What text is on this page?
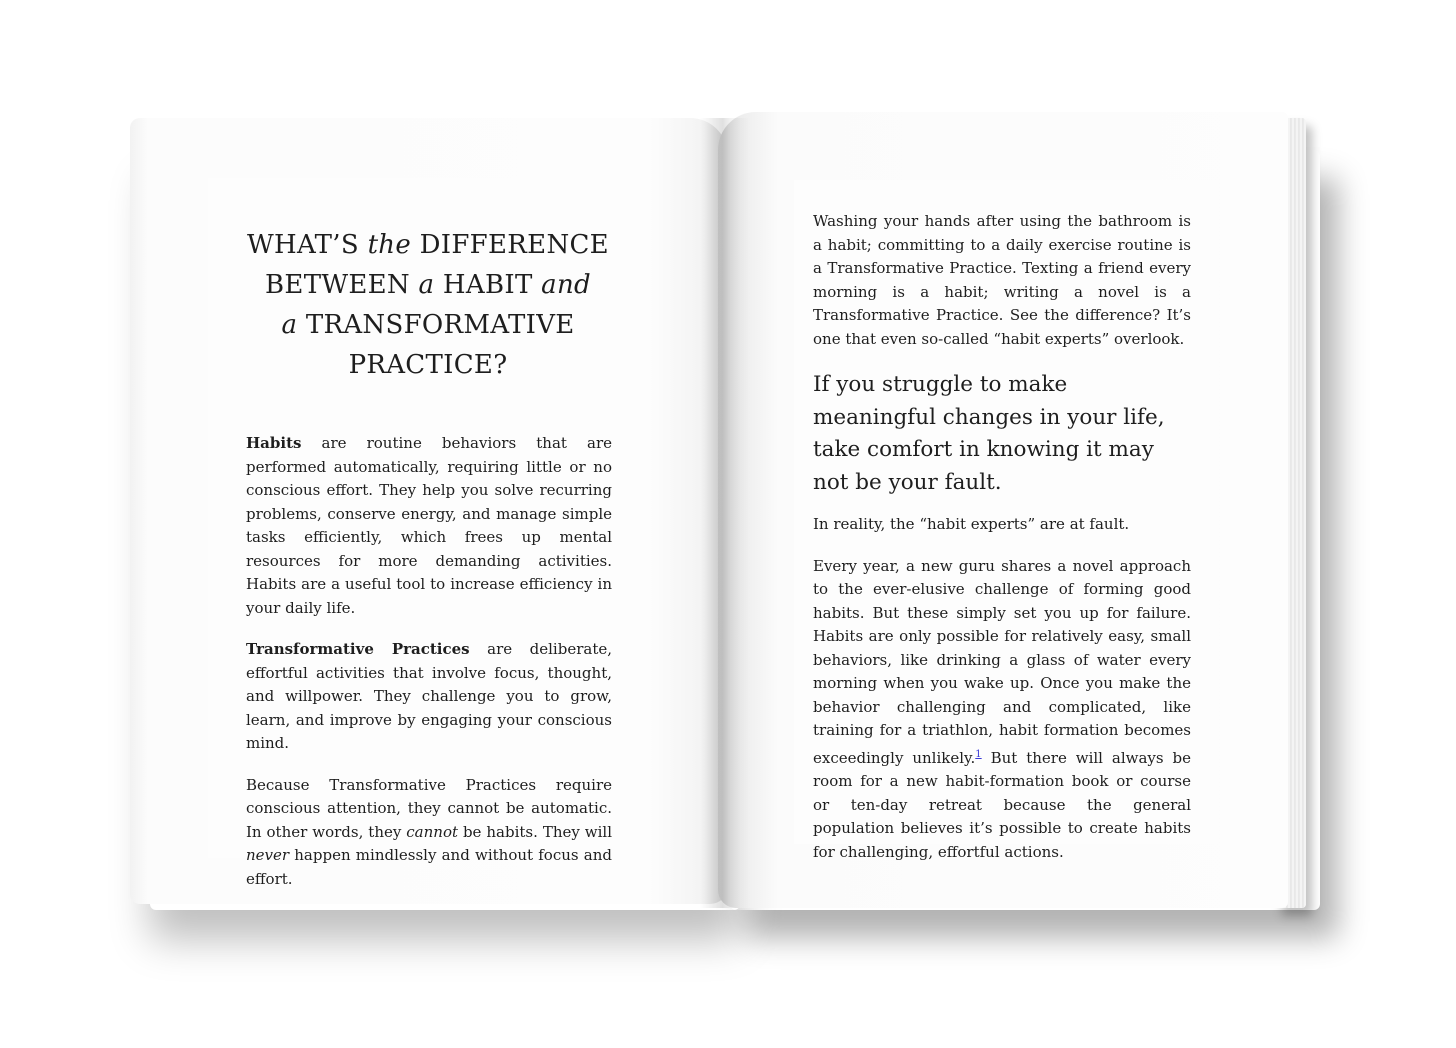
WHAT’S the DIFFERENCE
BETWEEN a HABIT and
a TRANSFORMATIVE
PRACTICE?

Habits are routine behaviors that are performed automatically, requiring little or no conscious effort. They help you solve recurring problems, conserve energy, and manage simple tasks efficiently, which frees up mental resources for more demanding activities. Habits are a useful tool to increase efficiency in your daily life.

Transformative Practices are deliberate, effortful activities that involve focus, thought, and willpower. They challenge you to grow, learn, and improve by engaging your conscious mind.

Because Transformative Practices require conscious attention, they cannot be automatic. In other words, they cannot be habits. They will never happen mindlessly and without focus and effort.

Washing your hands after using the bathroom is a habit; committing to a daily exercise routine is a Transformative Practice. Texting a friend every morning is a habit; writing a novel is a Transformative Practice. See the difference? It’s one that even so-called “habit experts” overlook.

If you struggle to make meaningful changes in your life, take comfort in knowing it may not be your fault.

In reality, the “habit experts” are at fault.

Every year, a new guru shares a novel approach to the ever-elusive challenge of forming good habits. But these simply set you up for failure. Habits are only possible for relatively easy, small behaviors, like drinking a glass of water every morning when you wake up. Once you make the behavior challenging and complicated, like training for a triathlon, habit formation becomes exceedingly unlikely.$^1$ But there will always be room for a new habit-formation book or course or ten-day retreat because the general population believes it’s possible to create habits for challenging, effortful actions.
